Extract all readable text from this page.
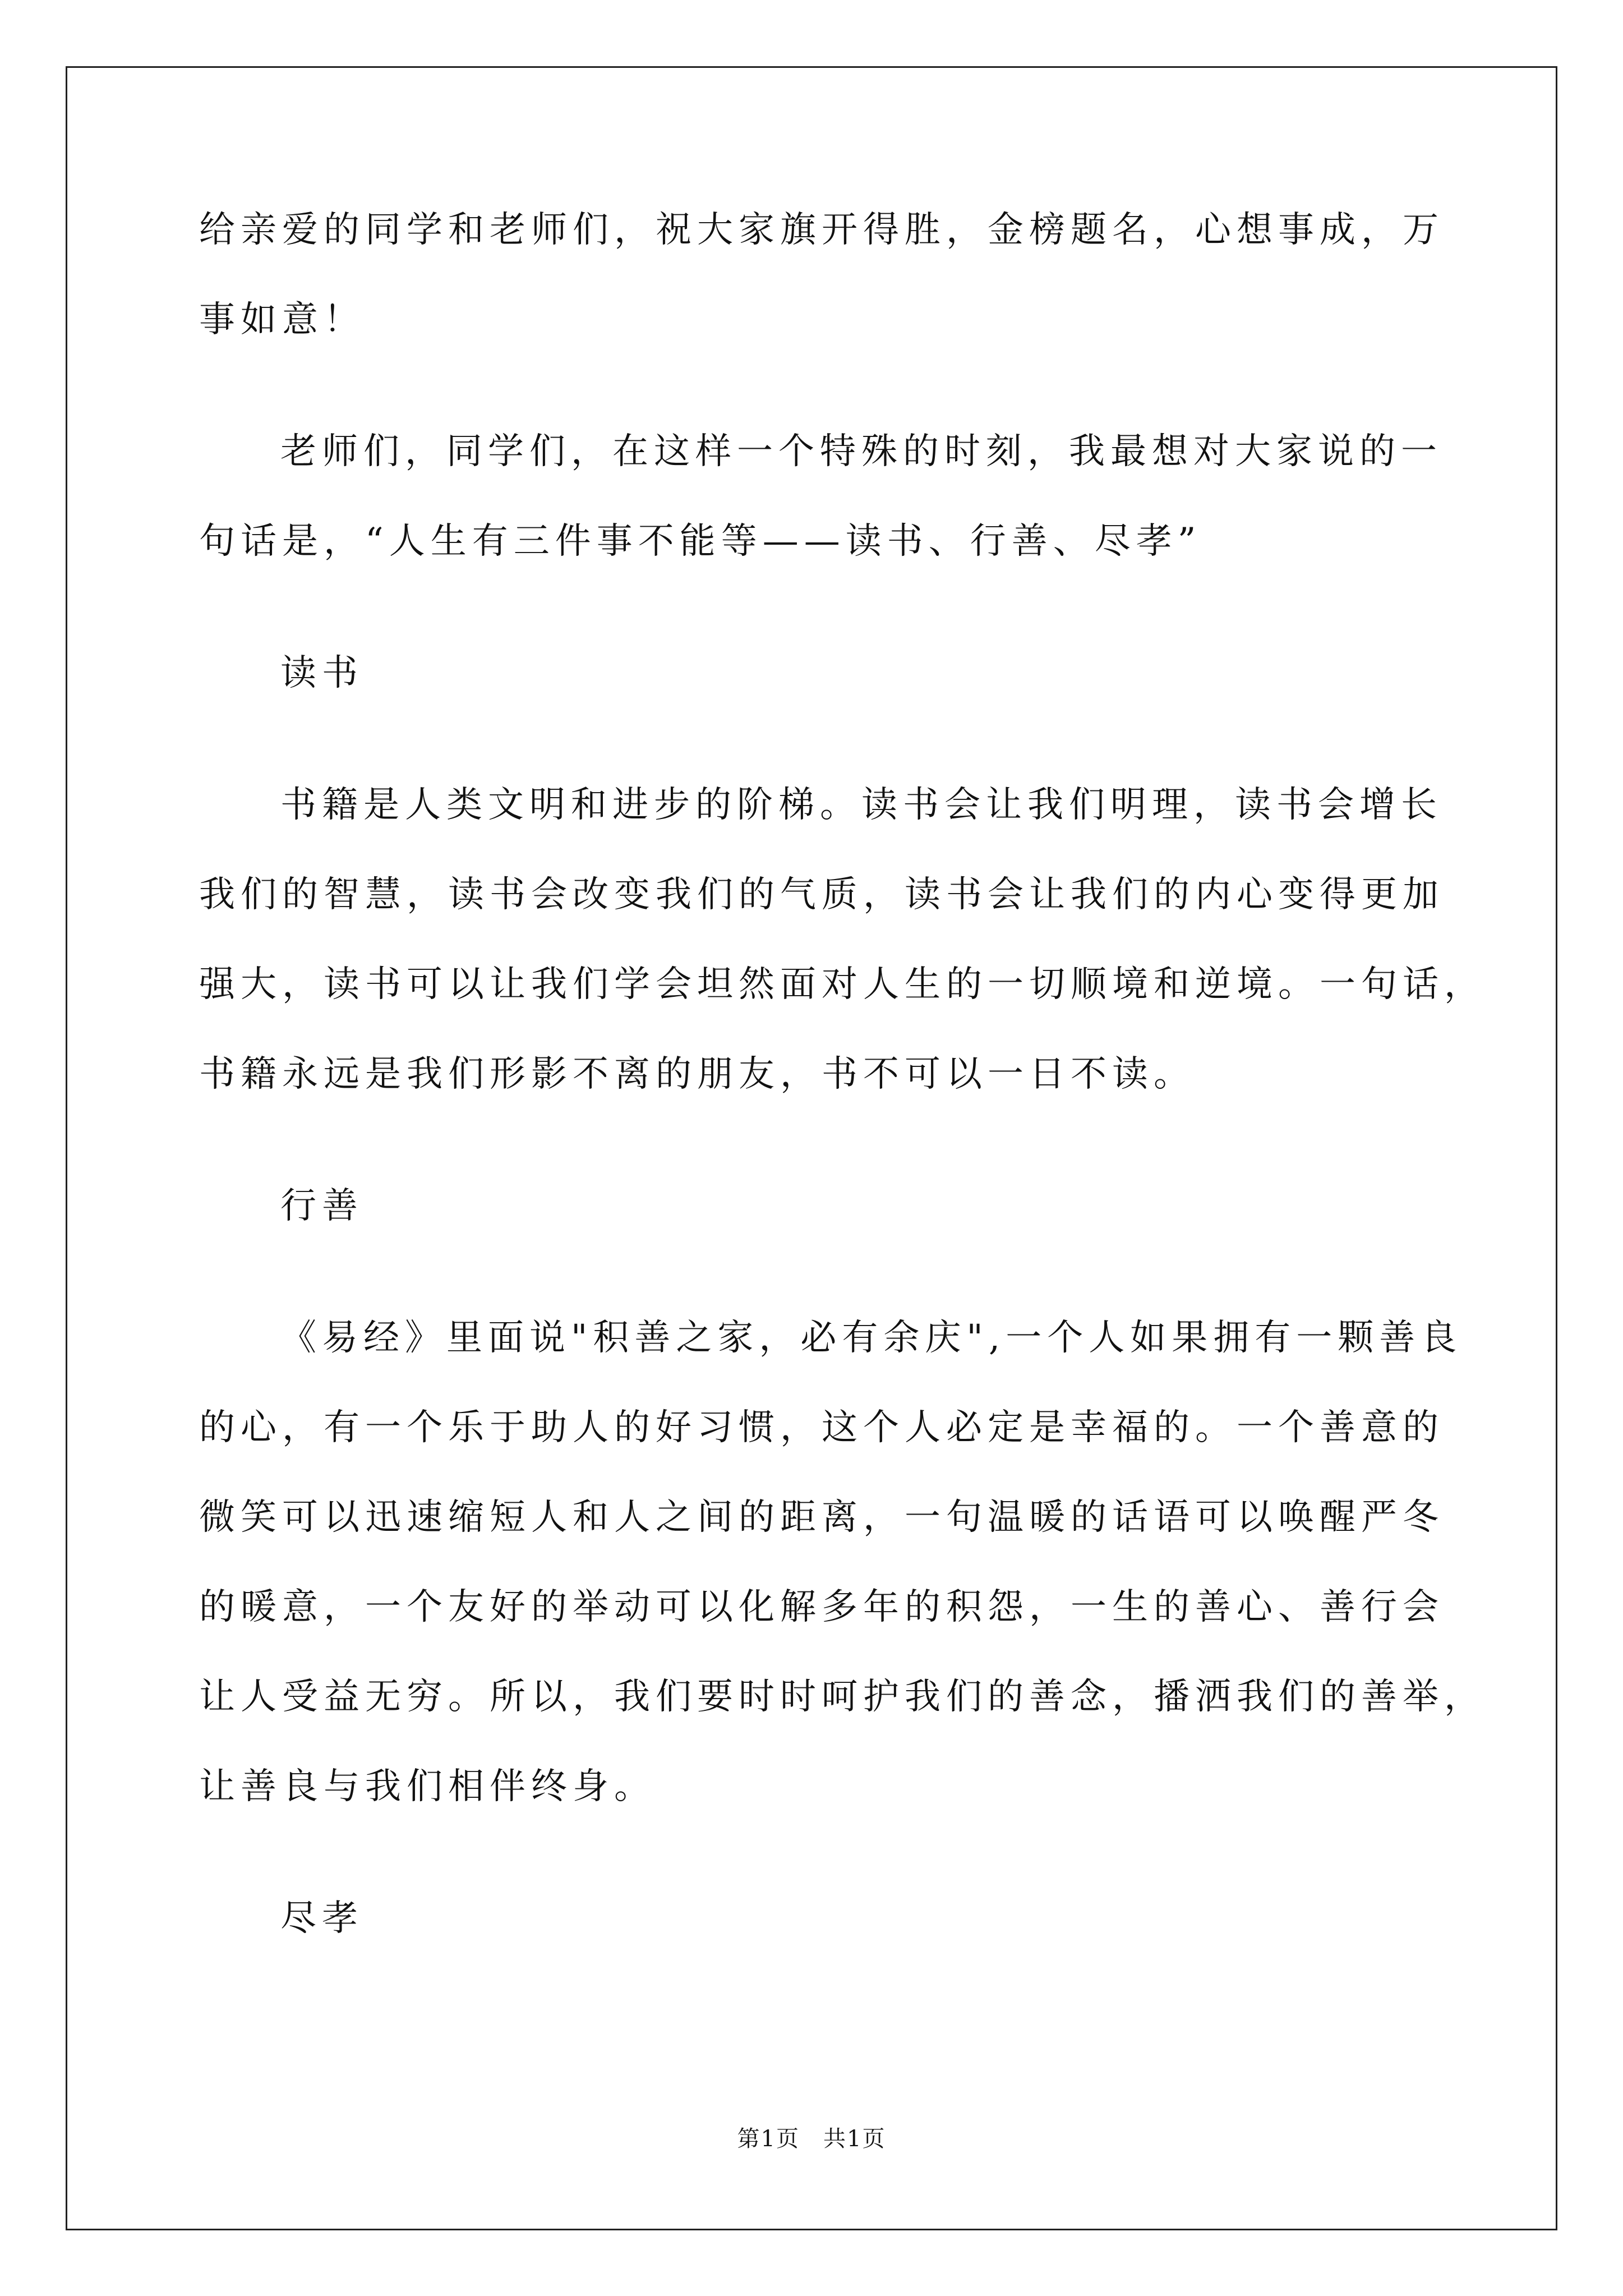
给亲爱的同学和老师们，祝大家旗开得胜，金榜题名，心想事成，万
事如意！
老师们，同学们，在这样一个特殊的时刻，我最想对大家说的一
句话是，“人生有三件事不能等——读书、行善、尽孝”
读书
书籍是人类文明和进步的阶梯。读书会让我们明理，读书会增长
我们的智慧，读书会改变我们的气质，读书会让我们的内心变得更加
强大，读书可以让我们学会坦然面对人生的一切顺境和逆境。一句话，
书籍永远是我们形影不离的朋友，书不可以一日不读。
行善
《易经》里面说"积善之家，必有余庆",一个人如果拥有一颗善良
的心，有一个乐于助人的好习惯，这个人必定是幸福的。一个善意的
微笑可以迅速缩短人和人之间的距离，一句温暖的话语可以唤醒严冬
的暖意，一个友好的举动可以化解多年的积怨，一生的善心、善行会
让人受益无穷。所以，我们要时时呵护我们的善念，播洒我们的善举，
让善良与我们相伴终身。
尽孝
第1页　共1页
